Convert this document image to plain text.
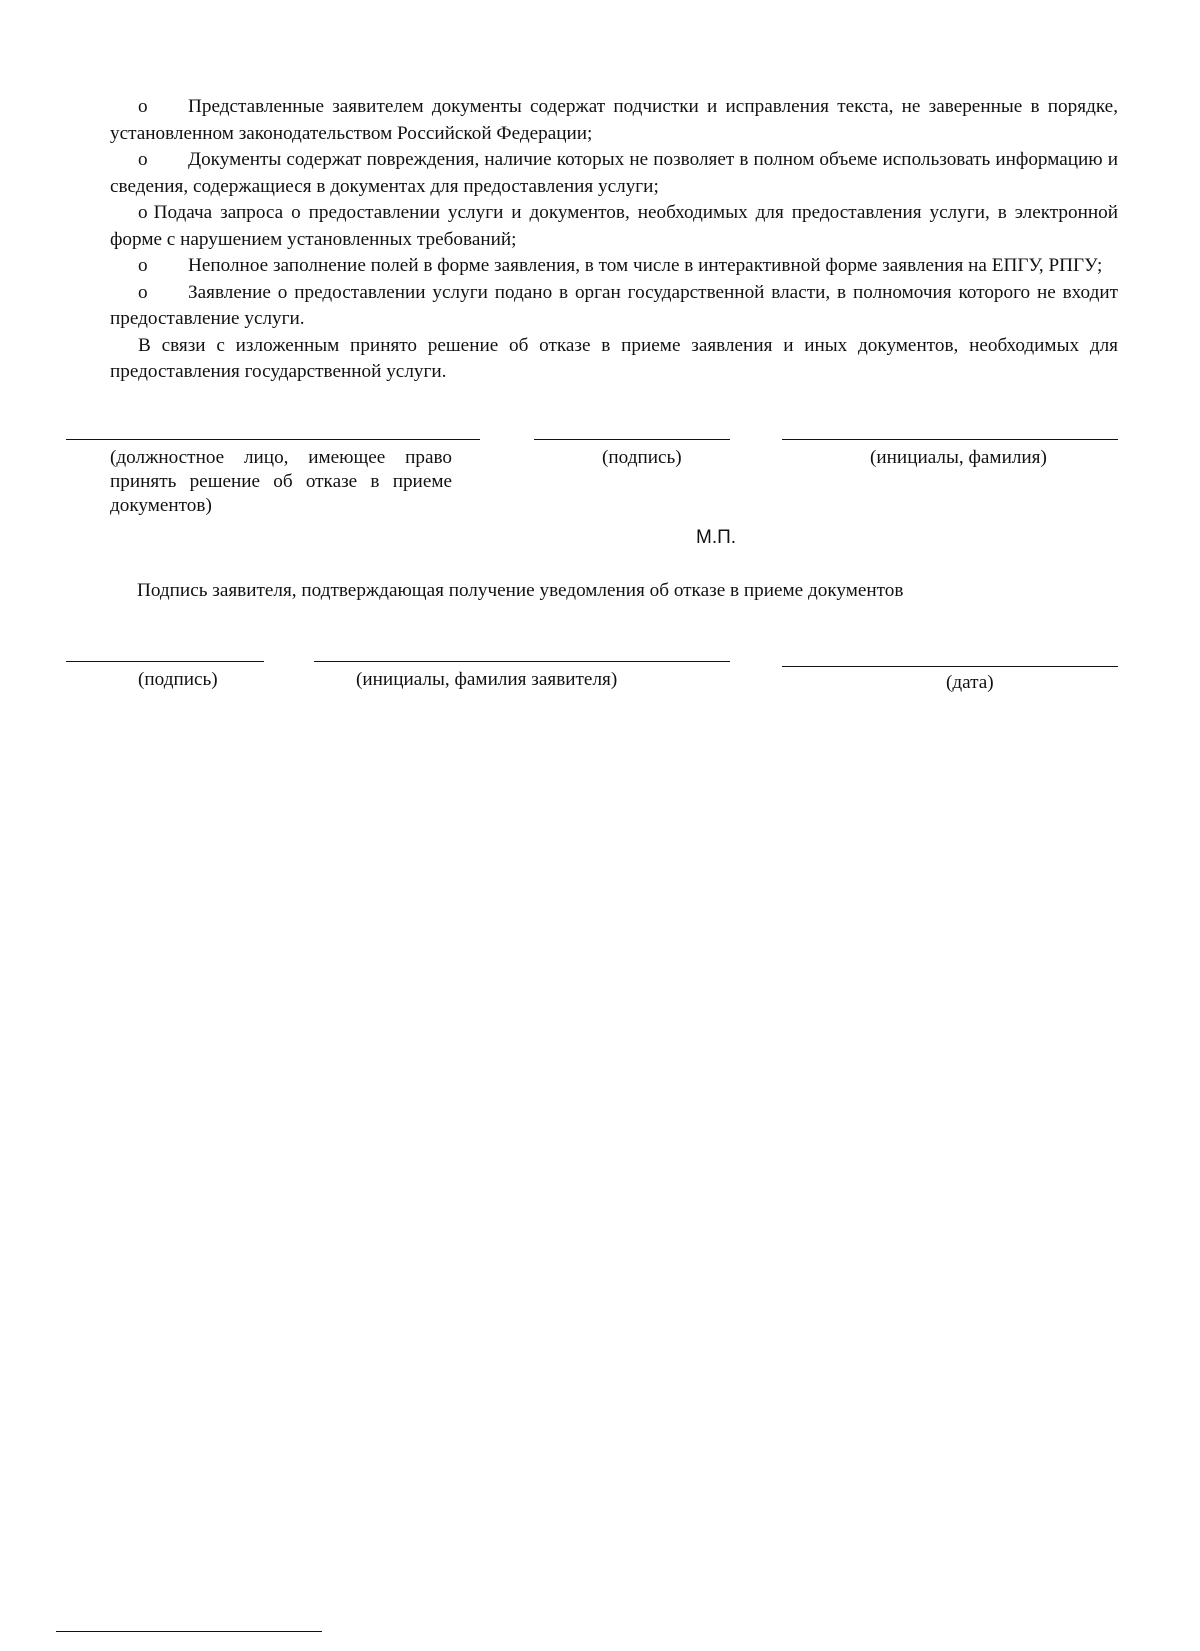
o Представленные заявителем документы содержат подчистки и исправления текста, не заверенные в порядке, установленном законодательством Российской Федерации;

o Документы содержат повреждения, наличие которых не позволяет в полном объеме использовать информацию и сведения, содержащиеся в документах для предоставления услуги;

o Подача запроса о предоставлении услуги и документов, необходимых для предоставления услуги, в электронной форме с нарушением установленных требований;

o Неполное заполнение полей в форме заявления, в том числе в интерактивной форме заявления на ЕПГУ, РПГУ;

o Заявление о предоставлении услуги подано в орган государственной власти, в полномочия которого не входит предоставление услуги.

В связи с изложенным принято решение об отказе в приеме заявления и иных документов, необходимых для предоставления государственной услуги.

(должностное лицо, имеющее право принять решение об отказе в приеме документов)
(подпись)	(инициалы, фамилия)
М.П.
Подпись заявителя, подтверждающая получение уведомления об отказе в приеме документов
(подпись)	(инициалы, фамилия заявителя)	(дата)
